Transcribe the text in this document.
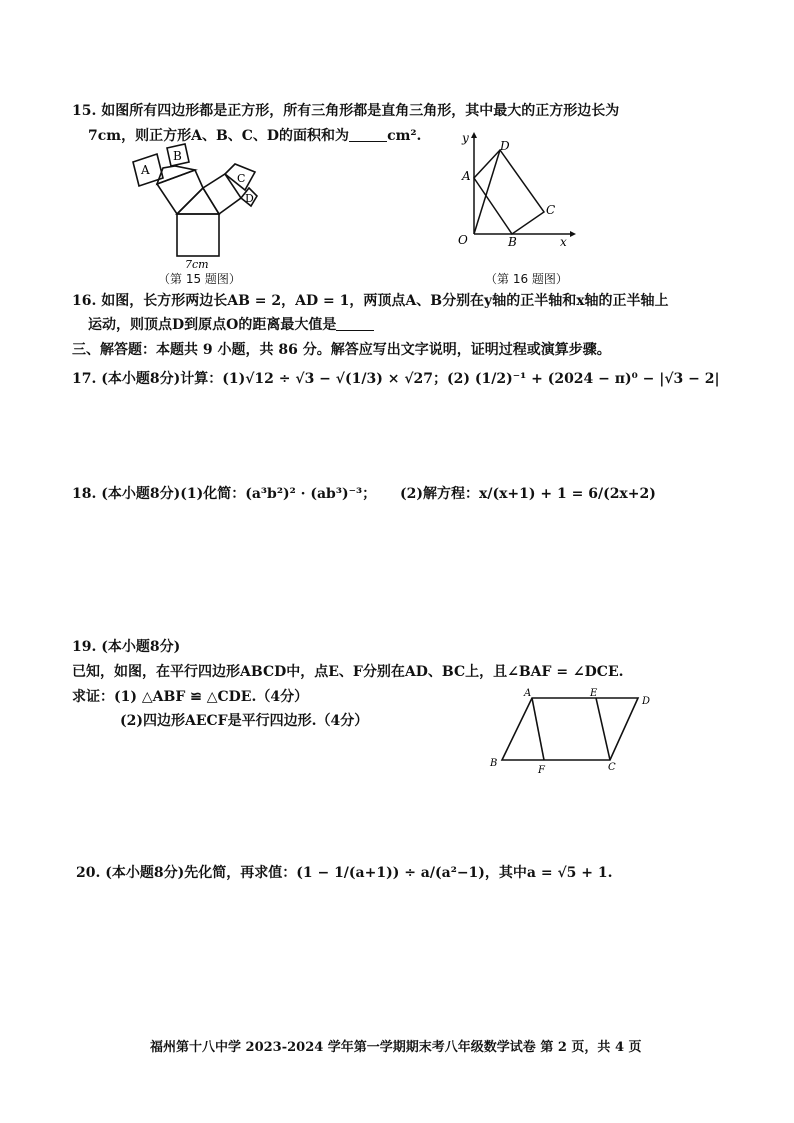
15. 如图所有四边形都是正方形，所有三角形都是直角三角形，其中最大的正方形边长为
7cm，则正方形A、B、C、D的面积和为	cm².
A
B
C
D
7cm
（第 15 题图）
y
x
O
A
B
C
D
（第 16 题图）
16. 如图，长方形两边长AB = 2，AD = 1，两顶点A、B分别在y轴的正半轴和x轴的正半轴上
运动，则顶点D到原点O的距离最大值是
三、解答题：本题共 9 小题，共 86 分。解答应写出文字说明，证明过程或演算步骤。
17. (本小题8分)计算：(1)√12 ÷ √3 − √(1/3) × √27；(2) (1/2)⁻¹ + (2024 − π)⁰ − |√3 − 2|
18. (本小题8分)(1)化简：(a³b²)² · (ab³)⁻³； (2)解方程：x/(x+1) + 1 = 6/(2x+2)
19. (本小题8分)
已知，如图，在平行四边形ABCD中，点E、F分别在AD、BC上，且∠BAF = ∠DCE.
求证：(1) △ABF ≌ △CDE.（4分）
(2)四边形AECF是平行四边形.（4分）
A	E
D
B
F	C
20. (本小题8分)先化简，再求值：(1 − 1/(a+1)) ÷ a/(a²−1)，其中a = √5 + 1.
福州第十八中学 2023-2024 学年第一学期期末考八年级数学试卷 第 2 页，共 4 页
